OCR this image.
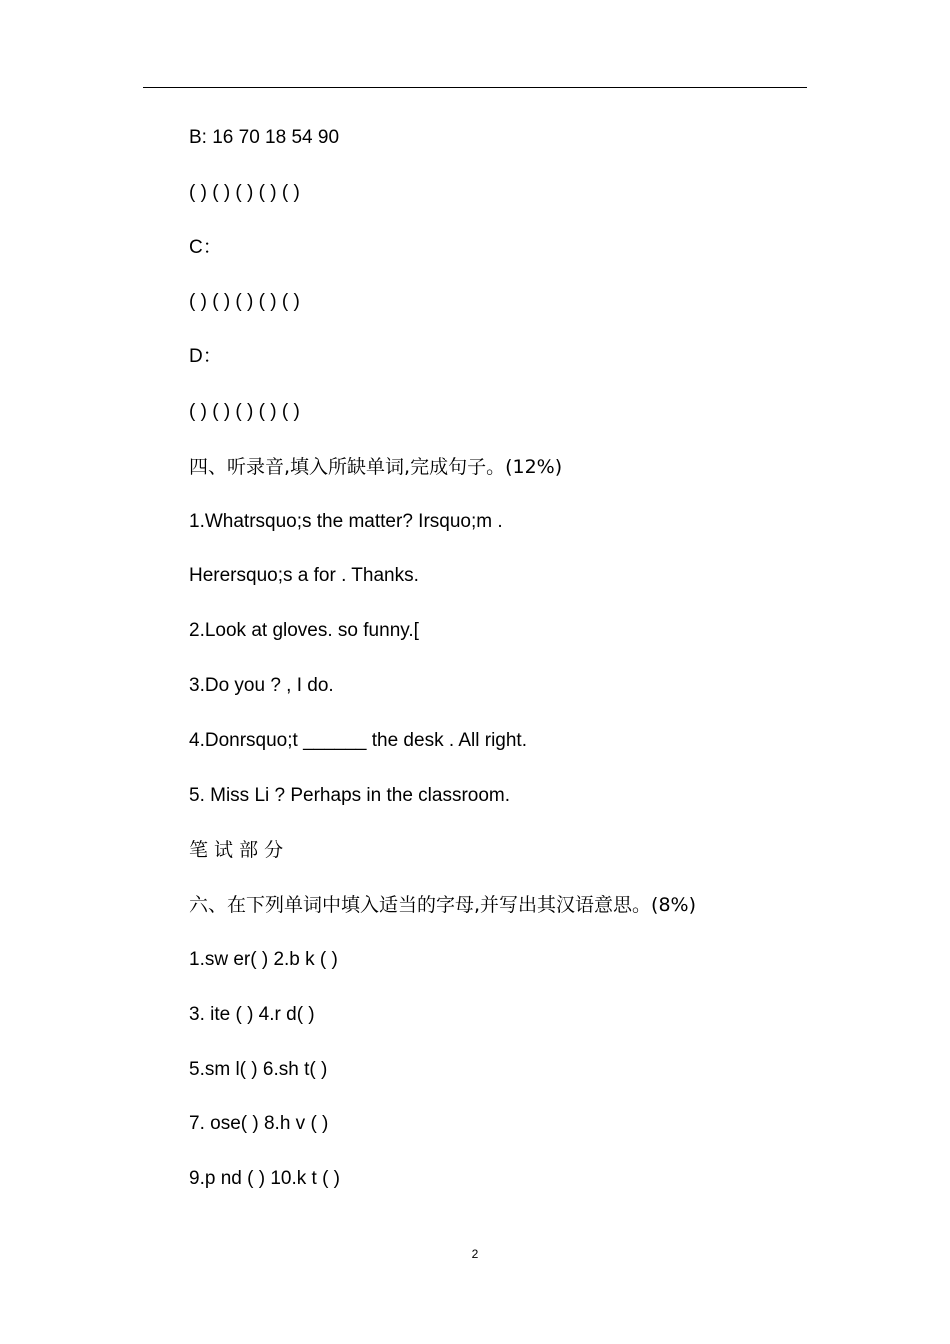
B: 16 70 18 54 90
( ) ( ) ( ) ( ) ( )
C：
( ) ( ) ( ) ( ) ( )
D：
( ) ( ) ( ) ( ) ( )
四、听录音,填入所缺单词,完成句子。(12%)
1.Whatrsquo;s the matter? Irsquo;m .
Herersquo;s a for . Thanks.
2.Look at gloves. so funny.[
3.Do you ? , I do.
4.Donrsquo;t ______ the desk . All right.
5. Miss Li ? Perhaps in the classroom.
笔 试 部 分
六、在下列单词中填入适当的字母,并写出其汉语意思。(8%)
1.sw er( ) 2.b k ( )
3. ite ( ) 4.r d( )
5.sm l( ) 6.sh t( )
7. ose( ) 8.h v ( )
9.p nd ( ) 10.k t ( )
2
